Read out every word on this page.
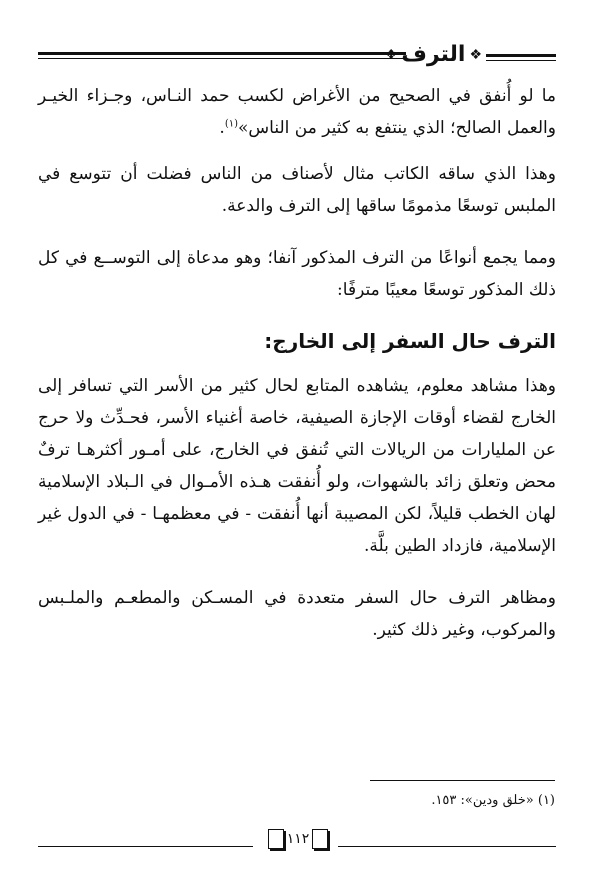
❖
الترف
❖

ما لو أُنفق في الصحيح من الأغراض لكسب حمد النـاس، وجـزاء الخيـر والعمل الصالح؛ الذي ينتفع به كثير من الناس»$^{(١)}$.

وهذا الذي ساقه الكاتب مثال لأصناف من الناس فضلت أن تتوسع في الملبس توسعًا مذمومًا ساقها إلى الترف والدعة.

ومما يجمع أنواعًا من الترف المذكور آنفا؛ وهو مدعاة إلى التوســع في كل ذلك المذكور توسعًا معيبًا مترفًا:

الترف حال السفر إلى الخارج:

وهذا مشاهد معلوم، يشاهده المتابع لحال كثير من الأسر التي تسافر إلى الخارج لقضاء أوقات الإجازة الصيفية، خاصة أغنياء الأسر، فحـدِّث ولا حرج عن المليارات من الريالات التي تُنفق في الخارج، على أمـور أكثرهـا ترفٌ محض وتعلق زائد بالشهوات، ولو أُنفقت هـذه الأمـوال في الـبلاد الإسلامية لهان الخطب قليلاً، لكن المصيبة أنها أُنفقت - في معظمهـا - في الدول غير الإسلامية، فازداد الطين بلَّة.

ومظاهر الترف حال السفر متعددة في المسـكن والمطعـم والملـبس والمركوب، وغير ذلك كثير.

(١) «خلق ودين»: ١٥٣.
١١٢
